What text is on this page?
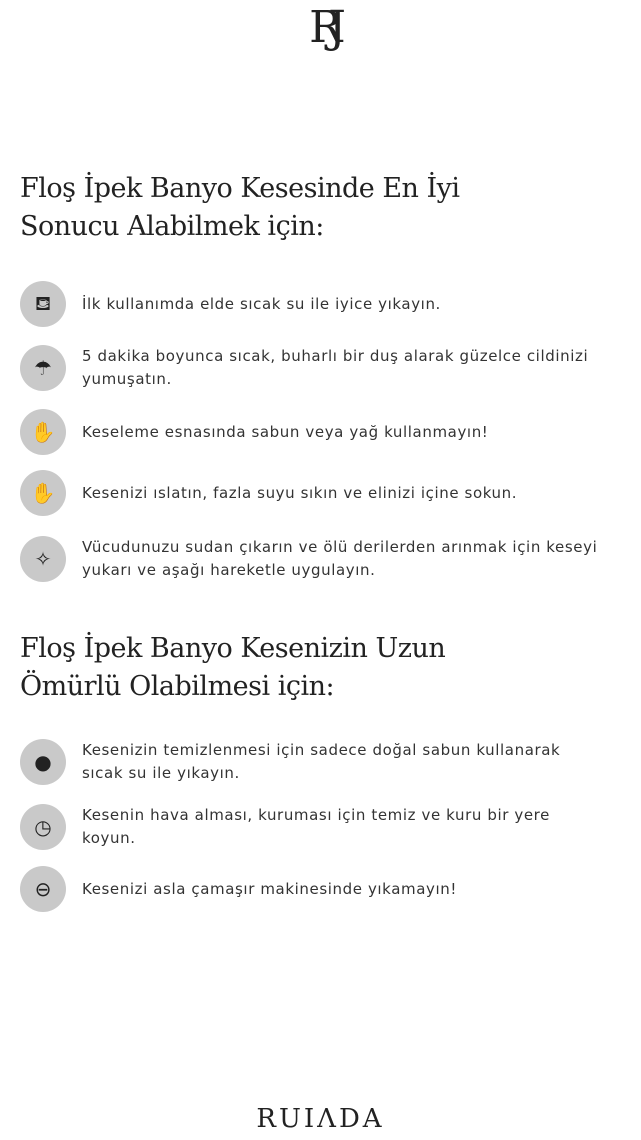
RJ
Floş İpek Banyo Kesesinde En İyi
Sonucu Alabilmek için:
⛾	İlk kullanımda elde sıcak su ile iyice yıkayın.
☂	5 dakika boyunca sıcak, buharlı bir duş alarak güzelce cildinizi yumuşatın.
✋	Keseleme esnasında sabun veya yağ kullanmayın!
✋	Kesenizi ıslatın, fazla suyu sıkın ve elinizi içine sokun.
✧	Vücudunuzu sudan çıkarın ve ölü derilerden arınmak için keseyi yukarı ve aşağı hareketle uygulayın.
Floş İpek Banyo Kesenizin Uzun
Ömürlü Olabilmesi için:
●	Kesenizin temizlenmesi için sadece doğal sabun kullanarak sıcak su ile yıkayın.
◷	Kesenin hava alması, kuruması için temiz ve kuru bir yere koyun.
⊖	Kesenizi asla çamaşır makinesinde yıkamayın!
RUIΛDA
